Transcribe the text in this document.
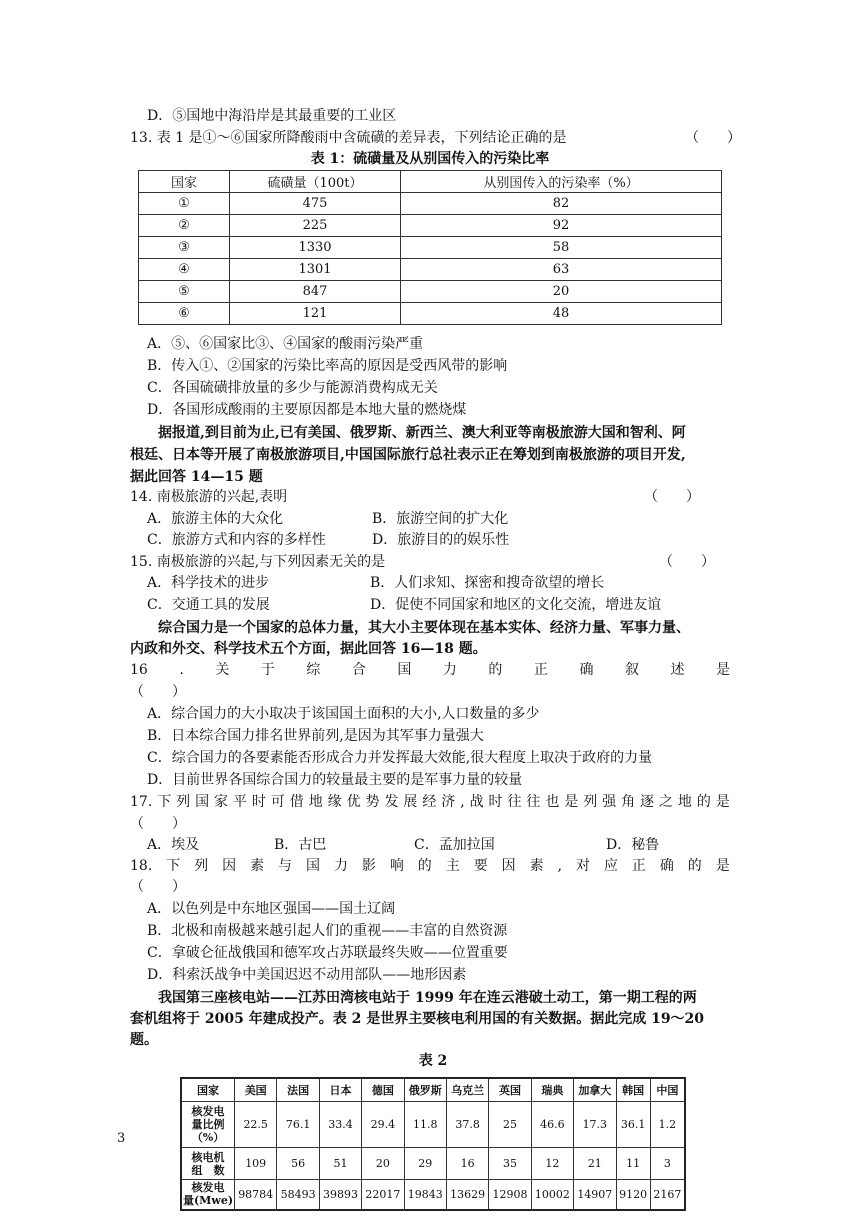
D．⑤国地中海沿岸是其最重要的工业区
13. 表 1 是①～⑥国家所降酸雨中含硫磺的差异表，下列结论正确的是	（　　）
表 1：硫磺量及从别国传入的污染比率
国家	硫磺量（100t）	从别国传入的污染率（%）
①	475	82
②	225	92
③	1330	58
④	1301	63
⑤	847	20
⑥	121	48
A．⑤、⑥国家比③、④国家的酸雨污染严重
B．传入①、②国家的污染比率高的原因是受西风带的影响
C．各国硫磺排放量的多少与能源消费构成无关
D．各国形成酸雨的主要原因都是本地大量的燃烧煤
据报道,到目前为止,已有美国、俄罗斯、新西兰、澳大利亚等南极旅游大国和智利、阿
根廷、日本等开展了南极旅游项目,中国国际旅行总社表示正在筹划到南极旅游的项目开发,
据此回答 14—15 题
14. 南极旅游的兴起,表明	（　　）
A．旅游主体的大众化	B．旅游空间的扩大化
C．旅游方式和内容的多样性	D．旅游目的的娱乐性
15. 南极旅游的兴起,与下列因素无关的是	（　　）
A．科学技术的进步	B．人们求知、探密和搜奇欲望的增长
C．交通工具的发展	D．促使不同国家和地区的文化交流，增进友谊
综合国力是一个国家的总体力量，其大小主要体现在基本实体、经济力量、军事力量、
内政和外交、科学技术五个方面，据此回答 16—18 题。
16 . 关 于 综 合 国 力 的 正 确 叙 述 是
（　　）
A．综合国力的大小取决于该国国土面积的大小,人口数量的多少
B．日本综合国力排名世界前列,是因为其军事力量强大
C．综合国力的各要素能否形成合力并发挥最大效能,很大程度上取决于政府的力量
D．目前世界各国综合国力的较量最主要的是军事力量的较量
17. 下 列 国 家 平 时 可 借 地 缘 优 势 发 展 经 济 , 战 时 往 往 也 是 列 强 角 逐 之 地 的 是
（　　）
A．埃及	B．古巴	C．孟加拉国	D．秘鲁
18. 下 列 因 素 与 国 力 影 响 的 主 要 因 素 , 对 应 正 确 的 是
（　　）
A．以色列是中东地区强国——国土辽阔
B．北极和南极越来越引起人们的重视——丰富的自然资源
C．拿破仑征战俄国和德军攻占苏联最终失败——位置重要
D．科索沃战争中美国迟迟不动用部队——地形因素
我国第三座核电站——江苏田湾核电站于 1999 年在连云港破土动工，第一期工程的两
套机组将于 2005 年建成投产。表 2 是世界主要核电利用国的有关数据。据此完成 19～20
题。
表 2
国家	美国	法国	日本	德国	俄罗斯	乌克兰	英国	瑞典	加拿大	韩国	中国

核发电
量比例
（%）	22.5	76.1	33.4	29.4	11.8	37.8	25	46.6	17.3	36.1	1.2

核电机
组　数	109	56	51	20	29	16	35	12	21	11	3

核发电
量(Mwe)	98784	58493	39893	22017	19843	13629	12908	10002	14907	9120	2167
3
